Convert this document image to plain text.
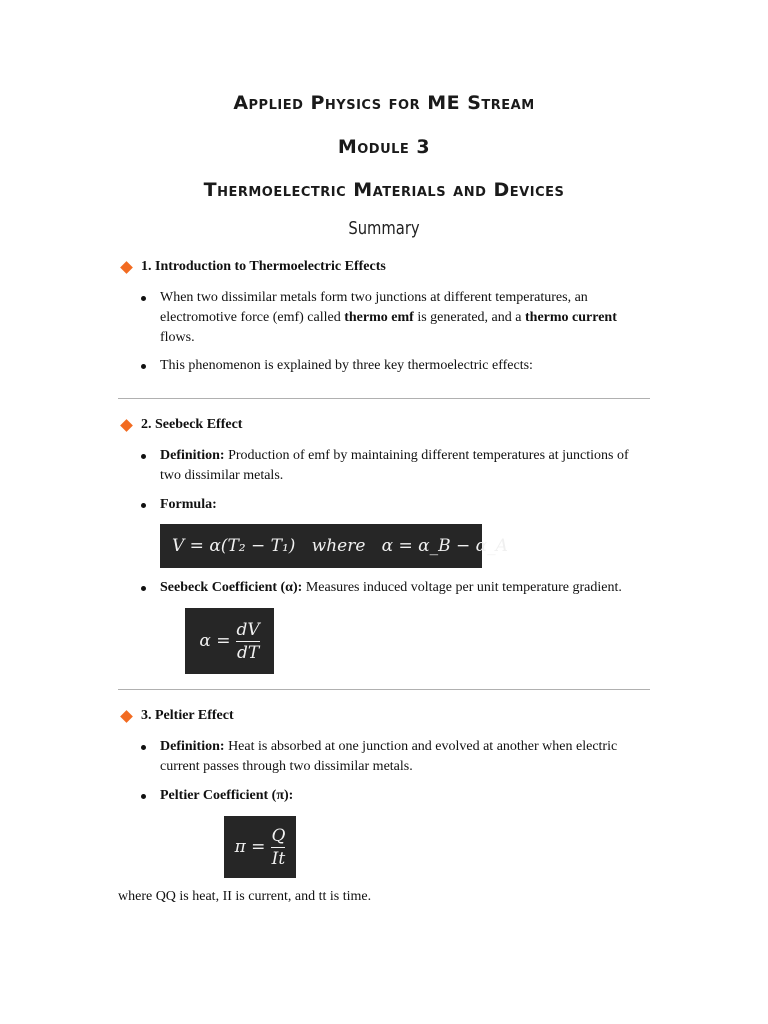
Applied Physics for ME Stream
Module 3
Thermoelectric Materials and Devices
Summary
1. Introduction to Thermoelectric Effects
When two dissimilar metals form two junctions at different temperatures, an electromotive force (emf) called thermo emf is generated, and a thermo current flows.
This phenomenon is explained by three key thermoelectric effects:
2. Seebeck Effect
Definition: Production of emf by maintaining different temperatures at junctions of two dissimilar metals.
Formula:
V = α(T₂ − T₁)   where   α = α_B − α_A
Seebeck Coefficient (α): Measures induced voltage per unit temperature gradient.
$\alpha = \frac{dV}{dT}$
3. Peltier Effect
Definition: Heat is absorbed at one junction and evolved at another when electric current passes through two dissimilar metals.
Peltier Coefficient (π):
$\pi = \frac{Q}{It}$
where QQ is heat, II is current, and tt is time.
